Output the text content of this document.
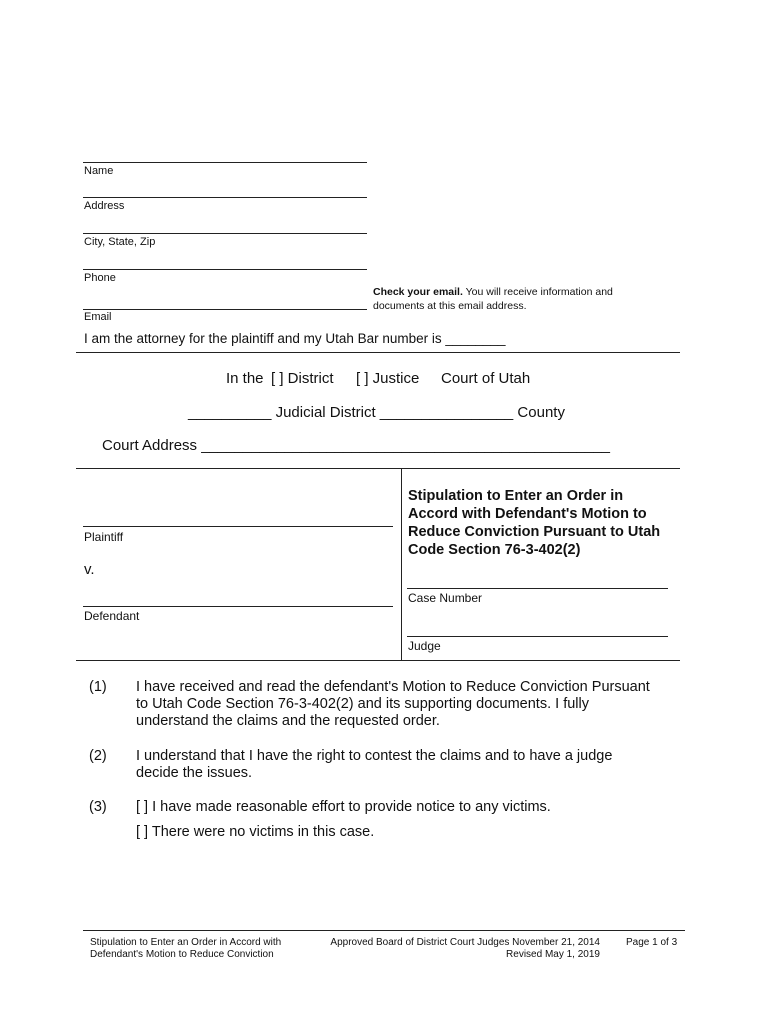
Name
Address
City, State, Zip
Phone
Check your email. You will receive information and
documents at this email address.
Email
I am the attorney for the plaintiff and my Utah Bar number is ________
In the [ ] District [ ] Justice Court of Utah
__________ Judicial District ________________ County
Court Address _________________________________________________
Plaintiff
v.
Defendant
Stipulation to Enter an Order in
Accord with Defendant's Motion to
Reduce Conviction Pursuant to Utah
Code Section 76-3-402(2)
Case Number
Judge
(1) I have received and read the defendant's Motion to Reduce Conviction Pursuant
to Utah Code Section 76-3-402(2) and its supporting documents. I fully
understand the claims and the requested order.
(2) I understand that I have the right to contest the claims and to have a judge
decide the issues.
(3) [ ] I have made reasonable effort to provide notice to any victims.
[ ] There were no victims in this case.
Stipulation to Enter an Order in Accord with
Defendant's Motion to Reduce Conviction
Approved Board of District Court Judges November 21, 2014
Revised May 1, 2019
Page 1 of 3
